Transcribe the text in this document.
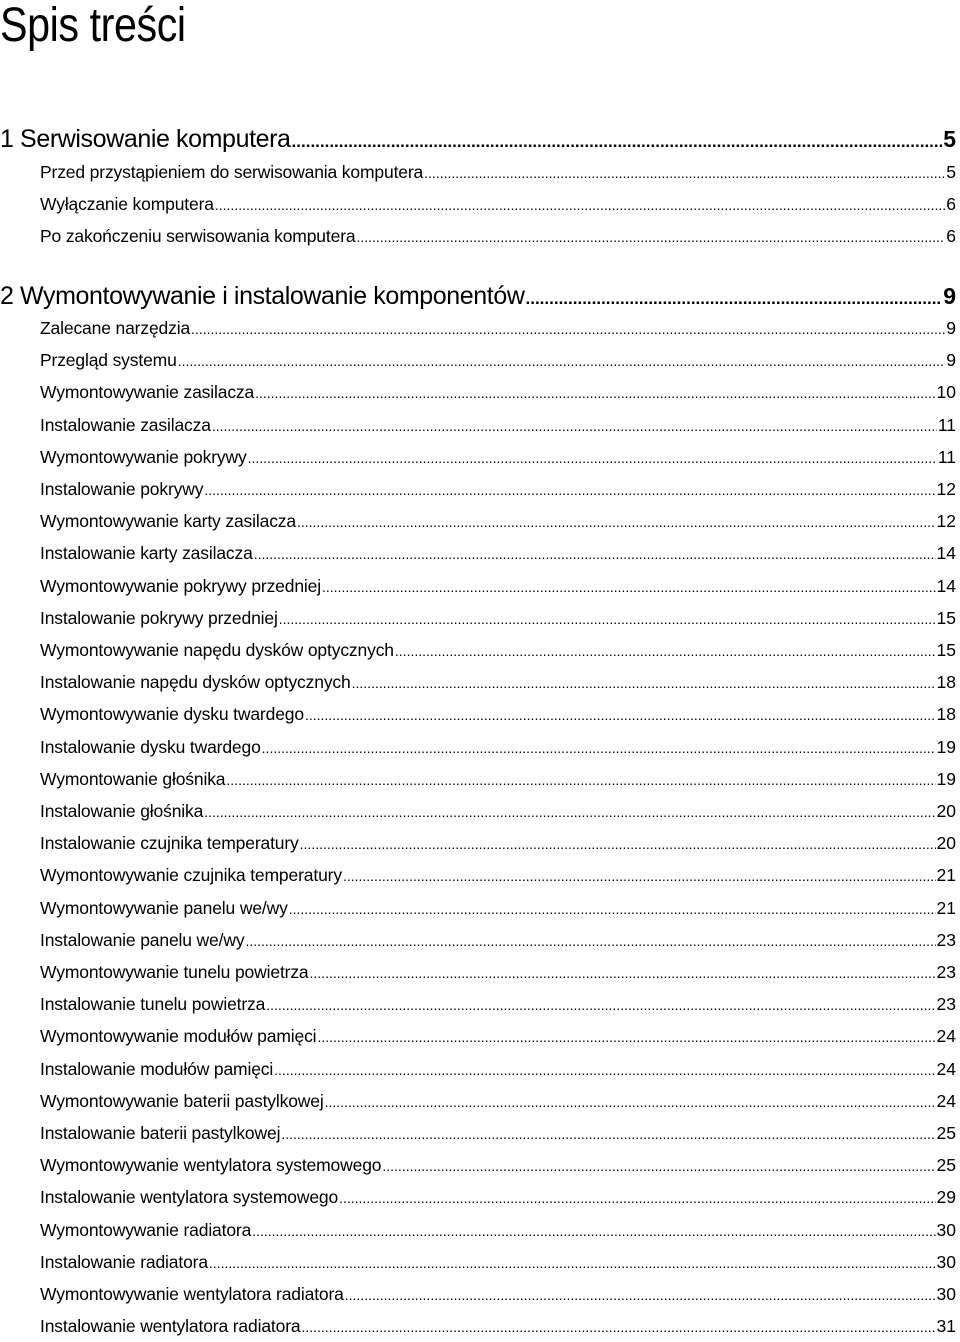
Spis treści
1 Serwisowanie komputera .....	5
Przed przystąpieniem do serwisowania komputera .....	5
Wyłączanie komputera .....	6
Po zakończeniu serwisowania komputera .....	6
2 Wymontowywanie i instalowanie komponentów .....	9
Zalecane narzędzia .....	9
Przegląd systemu .....	9
Wymontowywanie zasilacza .....	10
Instalowanie zasilacza .....	11
Wymontowywanie pokrywy .....	11
Instalowanie pokrywy .....	12
Wymontowywanie karty zasilacza .....	12
Instalowanie karty zasilacza .....	14
Wymontowywanie pokrywy przedniej .....	14
Instalowanie pokrywy przedniej .....	15
Wymontowywanie napędu dysków optycznych .....	15
Instalowanie napędu dysków optycznych .....	18
Wymontowywanie dysku twardego .....	18
Instalowanie dysku twardego .....	19
Wymontowanie głośnika .....	19
Instalowanie głośnika .....	20
Instalowanie czujnika temperatury .....	20
Wymontowywanie czujnika temperatury .....	21
Wymontowywanie panelu we/wy .....	21
Instalowanie panelu we/wy .....	23
Wymontowywanie tunelu powietrza .....	23
Instalowanie tunelu powietrza .....	23
Wymontowywanie modułów pamięci .....	24
Instalowanie modułów pamięci .....	24
Wymontowywanie baterii pastylkowej .....	24
Instalowanie baterii pastylkowej .....	25
Wymontowywanie wentylatora systemowego .....	25
Instalowanie wentylatora systemowego .....	29
Wymontowywanie radiatora .....	30
Instalowanie radiatora .....	30
Wymontowywanie wentylatora radiatora .....	30
Instalowanie wentylatora radiatora .....	31
